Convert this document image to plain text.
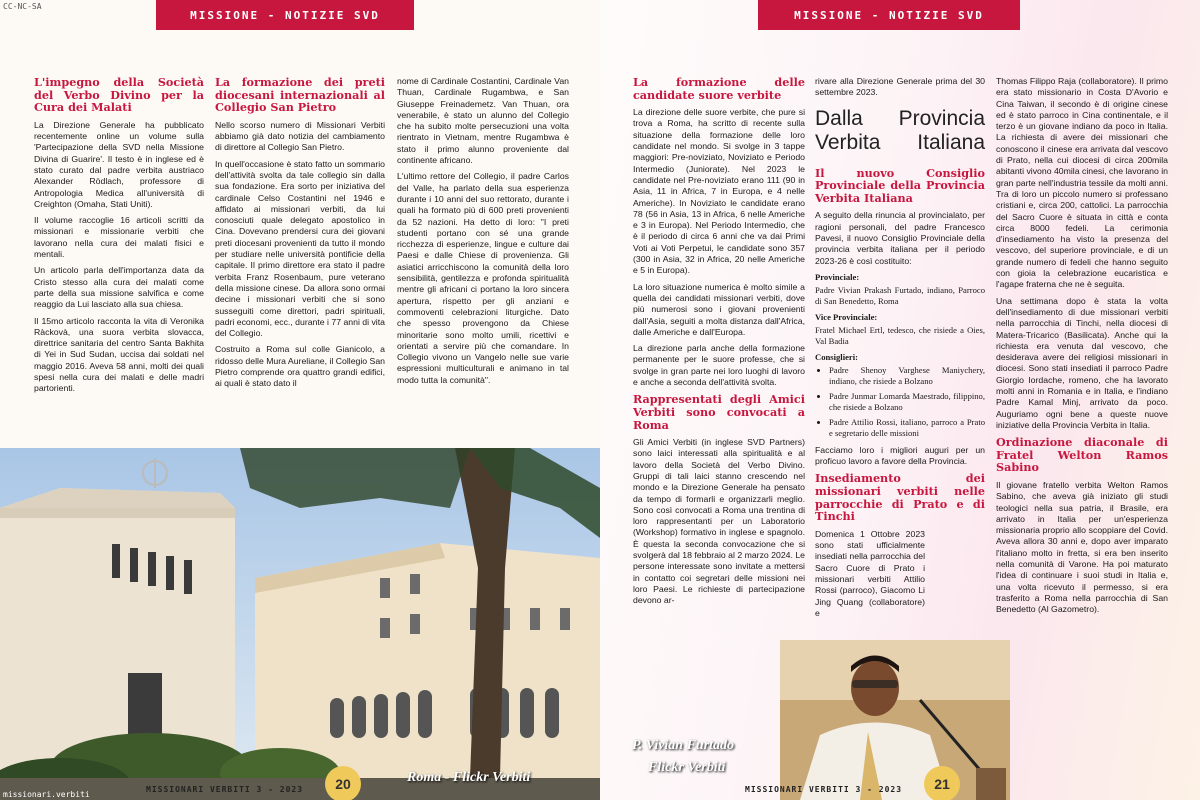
CC-NC-SA
MISSIONE - NOTIZIE SVD
L'impegno della Società del Verbo Divino per la Cura dei Malati

La Direzione Generale ha pubblicato recentemente online un volume sulla 'Partecipazione della SVD nella Missione Divina di Guarire'. Il testo è in inglese ed è stato curato dal padre verbita austriaco Alexander Rödlach, professore di Antropologia Medica all'università di Creighton (Omaha, Stati Uniti).

Il volume raccoglie 16 articoli scritti da missionari e missionarie verbiti che lavorano nella cura dei malati fisici e mentali.

Un articolo parla dell'importanza data da Cristo stesso alla cura dei malati come parte della sua missione salvifica e come reaggio da Lui lasciato alla sua chiesa.

Il 15mo articolo racconta la vita di Veronika Ràckovà, una suora verbita slovacca, direttrice sanitaria del centro Santa Bakhita di Yei in Sud Sudan, uccisa dai soldati nel maggio 2016. Aveva 58 anni, molti dei quali spesi nella cura dei malati e delle madri partorienti.

La formazione dei preti diocesani internazionali al Collegio San Pietro

Nello scorso numero di Missionari Verbiti abbiamo già dato notizia del cambiamento di direttore al Collegio San Pietro.

In quell'occasione è stato fatto un sommario dell'attività svolta da tale collegio sin dalla sua fondazione. Era sorto per iniziativa del cardinale Celso Costantini nel 1946 e affidato ai missionari verbiti, da lui conosciuti quale delegato apostolico in Cina. Dovevano prendersi cura dei giovani preti diocesani provenienti da tutto il mondo per studiare nelle università pontificie della capitale. Il primo direttore era stato il padre verbita Franz Rosenbaum, pure veterano della missione cinese. Da allora sono ormai decine i missionari verbiti che si sono susseguiti come direttori, padri spirituali, padri economi, ecc., durante i 77 anni di vita del Collegio.

Costruito a Roma sul colle Gianicolo, a ridosso delle Mura Aureliane, il Collegio San Pietro comprende ora quattro grandi edifici, ai quali è stato dato il

nome di Cardinale Costantini, Cardinale Van Thuan, Cardinale Rugambwa, e San Giuseppe Freinademetz. Van Thuan, ora venerabile, è stato un alunno del Collegio che ha subito molte persecuzioni una volta rientrato in Vietnam, mentre Rugambwa è stato il primo alunno proveniente dal continente africano.

L'ultimo rettore del Collegio, il padre Carlos del Valle, ha parlato della sua esperienza durante i 10 anni del suo rettorato, durante i quali ha formato più di 600 preti provenienti da 52 nazioni. Ha detto di loro: "I preti studenti portano con sé una grande ricchezza di esperienze, lingue e culture dai Paesi e dalle Chiese di provenienza. Gli asiatici arricchiscono la comunità della loro sensibilità, gentilezza e profonda spiritualità mentre gli africani ci portano la loro sincera apertura, rispetto per gli anziani e commoventi celebrazioni liturgiche. Dato che spesso provengono da Chiese minoritarie sono molto umili, ricettivi e orientati a servire più che comandare. In Collegio vivono un Vangelo nelle sue varie espressioni multiculturali e animano in tal modo tutta la comunità".

MISSIONARI VERBITI 3 - 2023	20	Roma - Flickr Verbiti
missionari.verbiti
MISSIONE - NOTIZIE SVD
La formazione delle candidate suore verbite

La direzione delle suore verbite, che pure si trova a Roma, ha scritto di recente sulla situazione della formazione delle loro candidate nel mondo. Si svolge in 3 tappe maggiori: Pre-noviziato, Noviziato e Periodo Intermedio (Juniorate). Nel 2023 le candidate nel Pre-noviziato erano 111 (90 in Asia, 11 in Africa, 7 in Europa, e 4 nelle Americhe). In Noviziato le candidate erano 78 (56 in Asia, 13 in Africa, 6 nelle Americhe e 3 in Europa). Nel Periodo Intermedio, che è il periodo di circa 6 anni che va dai Primi Voti ai Voti Perpetui, le candidate sono 357 (300 in Asia, 32 in Africa, 20 nelle Americhe e 5 in Europa).

La loro situazione numerica è molto simile a quella dei candidati missionari verbiti, dove più numerosi sono i giovani provenienti dall'Asia, seguiti a molta distanza dall'Africa, dalle Americhe e dall'Europa.

La direzione parla anche della formazione permanente per le suore professe, che si svolge in gran parte nei loro luoghi di lavoro e anche a seconda dell'attività svolta.

Rappresentati degli Amici Verbiti sono convocati a Roma

Gli Amici Verbiti (in inglese SVD Partners) sono laici interessati alla spiritualità e al lavoro della Società del Verbo Divino. Gruppi di tali laici stanno crescendo nel mondo e la Direzione Generale ha pensato da tempo di formarli e organizzarli meglio. Sono così convocati a Roma una trentina di loro rappresentanti per un Laboratorio (Workshop) formativo in inglese e spagnolo. È questa la seconda convocazione che si svolgerà dal 18 febbraio al 2 marzo 2024. Le persone interessate sono invitate a mettersi in contatto coi segretari delle missioni nei loro Paesi. Le richieste di partecipazione devono ar-

rivare alla Direzione Generale prima del 30 settembre 2023.

Dalla Provincia Verbita Italiana
Il nuovo Consiglio Provinciale della Provincia Verbita Italiana

A seguito della rinuncia al provincialato, per ragioni personali, del padre Francesco Pavesi, il nuovo Consiglio Provinciale della provincia verbita italiana per il periodo 2023-26 è così costituito:

Provinciale:

Padre Vivian Prakash Furtado, indiano, Parroco di San Benedetto, Roma

Vice Provinciale:

Fratel Michael Ertl, tedesco, che risiede a Oies, Val Badia

Consiglieri:

• Padre Shenoy Varghese Maniychery, indiano, che risiede a Bolzano
• Padre Junmar Lomarda Maestrado, filippino, che risiede a Bolzano
• Padre Attilio Rossi, italiano, parroco a Prato e segretario delle missioni

Facciamo loro i migliori auguri per un proficuo lavoro a favore della Provincia.

Insediamento dei missionari verbiti nelle parrocchie di Prato e di Tinchi

Domenica 1 Ottobre 2023 sono stati ufficialmente insediati nella parrocchia del Sacro Cuore di Prato i missionari verbiti Attilio Rossi (parroco), Giacomo Li Jing Quang (collaboratore) e

Thomas Filippo Raja (collaboratore). Il primo era stato missionario in Costa D'Avorio e Cina Taiwan, il secondo è di origine cinese ed è stato parroco in Cina continentale, e il terzo è un giovane indiano da poco in Italia. La richiesta di avere dei missionari che conoscono il cinese era arrivata dal vescovo di Prato, nella cui diocesi di circa 200mila abitanti vivono 40mila cinesi, che lavorano in gran parte nell'industria tessile da molti anni. Tra di loro un piccolo numero si professano cristiani e, circa 200, cattolici. La parrocchia del Sacro Cuore è situata in città e conta circa 8000 fedeli. La cerimonia d'insediamento ha visto la presenza del vescovo, del superiore provinciale, e di un grande numero di fedeli che hanno seguito con gioia la celebrazione eucaristica e l'agape fraterna che ne è seguita.

Una settimana dopo è stata la volta dell'insediamento di due missionari verbiti nella parrocchia di Tinchi, nella diocesi di Matera-Tricarico (Basilicata). Anche qui la richiesta era venuta dal vescovo, che desiderava avere dei religiosi missionari in diocesi. Sono stati insediati il parroco Padre Giorgio Iordache, romeno, che ha lavorato molti anni in Romania e in Italia, e l'indiano Padre Kamal Minj, arrivato da poco. Auguriamo ogni bene a queste nuove iniziative della Provincia Verbita in Italia.

Ordinazione diaconale di Fratel Welton Ramos Sabino

Il giovane fratello verbita Welton Ramos Sabino, che aveva già iniziato gli studi teologici nella sua patria, il Brasile, era arrivato in Italia per un'esperienza missionaria proprio allo scoppiare del Covid. Aveva allora 30 anni e, dopo aver imparato l'italiano molto in fretta, si era ben inserito nella comunità di Varone. Ha poi maturato l'idea di continuare i suoi studi in Italia e, una volta ricevuto il permesso, si era trasferito a Roma nella parrocchia di San Benedetto (Al Gazometro).

MISSIONARI VERBITI 3 - 2023	21
P. Vivian Furtado
Flickr Verbiti
